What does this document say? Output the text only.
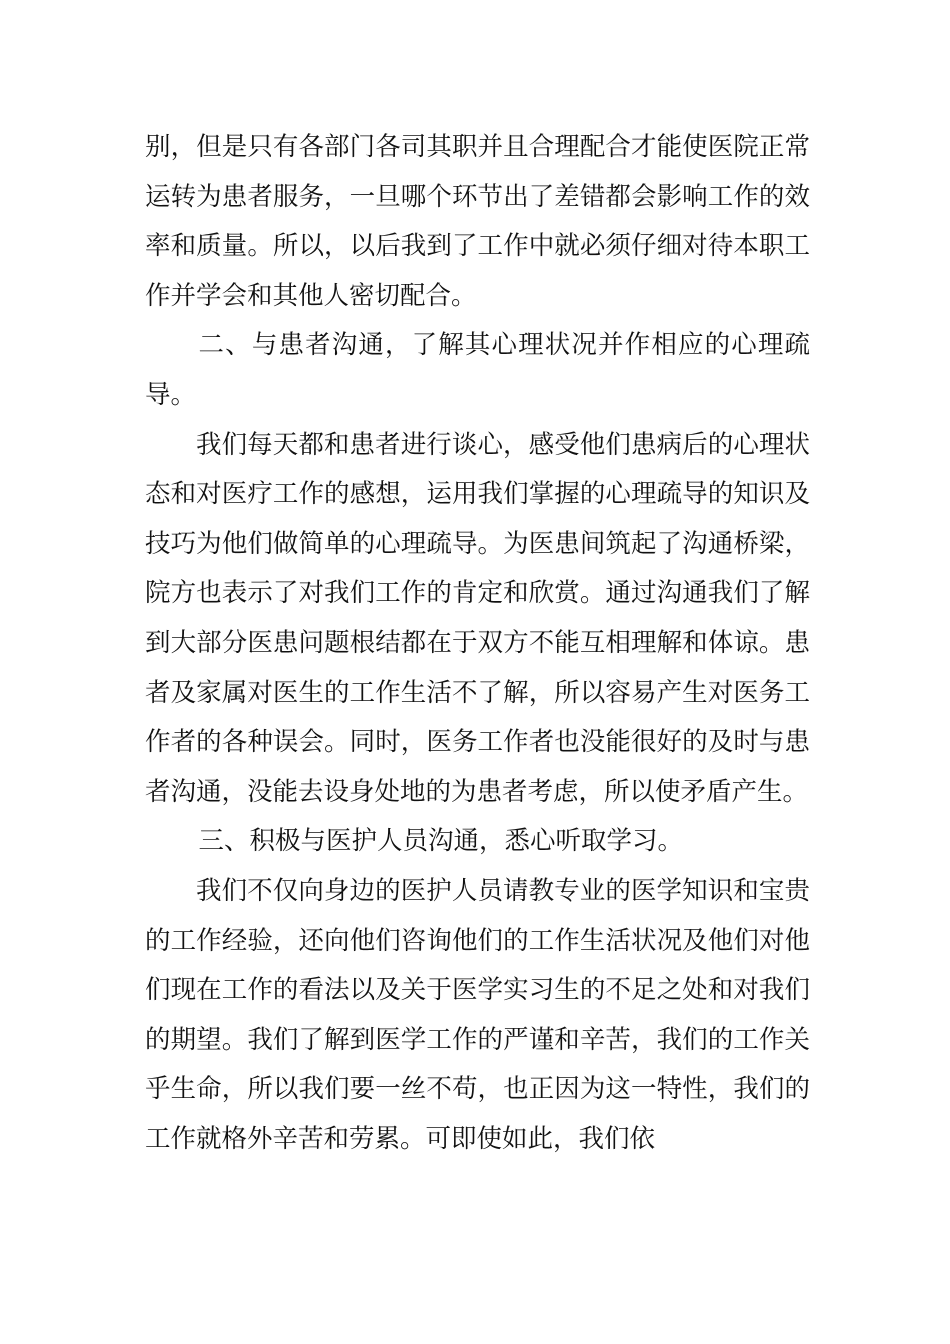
别，但是只有各部门各司其职并且合理配合才能使医院正常运转为患者服务，一旦哪个环节出了差错都会影响工作的效率和质量。所以，以后我到了工作中就必须仔细对待本职工作并学会和其他人密切配合。

二、与患者沟通，了解其心理状况并作相应的心理疏导。

我们每天都和患者进行谈心，感受他们患病后的心理状态和对医疗工作的感想，运用我们掌握的心理疏导的知识及技巧为他们做简单的心理疏导。为医患间筑起了沟通桥梁，院方也表示了对我们工作的肯定和欣赏。通过沟通我们了解到大部分医患问题根结都在于双方不能互相理解和体谅。患者及家属对医生的工作生活不了解，所以容易产生对医务工作者的各种误会。同时，医务工作者也没能很好的及时与患者沟通，没能去设身处地的为患者考虑，所以使矛盾产生。

三、积极与医护人员沟通，悉心听取学习。

我们不仅向身边的医护人员请教专业的医学知识和宝贵的工作经验，还向他们咨询他们的工作生活状况及他们对他们现在工作的看法以及关于医学实习生的不足之处和对我们的期望。我们了解到医学工作的严谨和辛苦，我们的工作关乎生命，所以我们要一丝不苟，也正因为这一特性，我们的工作就格外辛苦和劳累。可即使如此，我们依
